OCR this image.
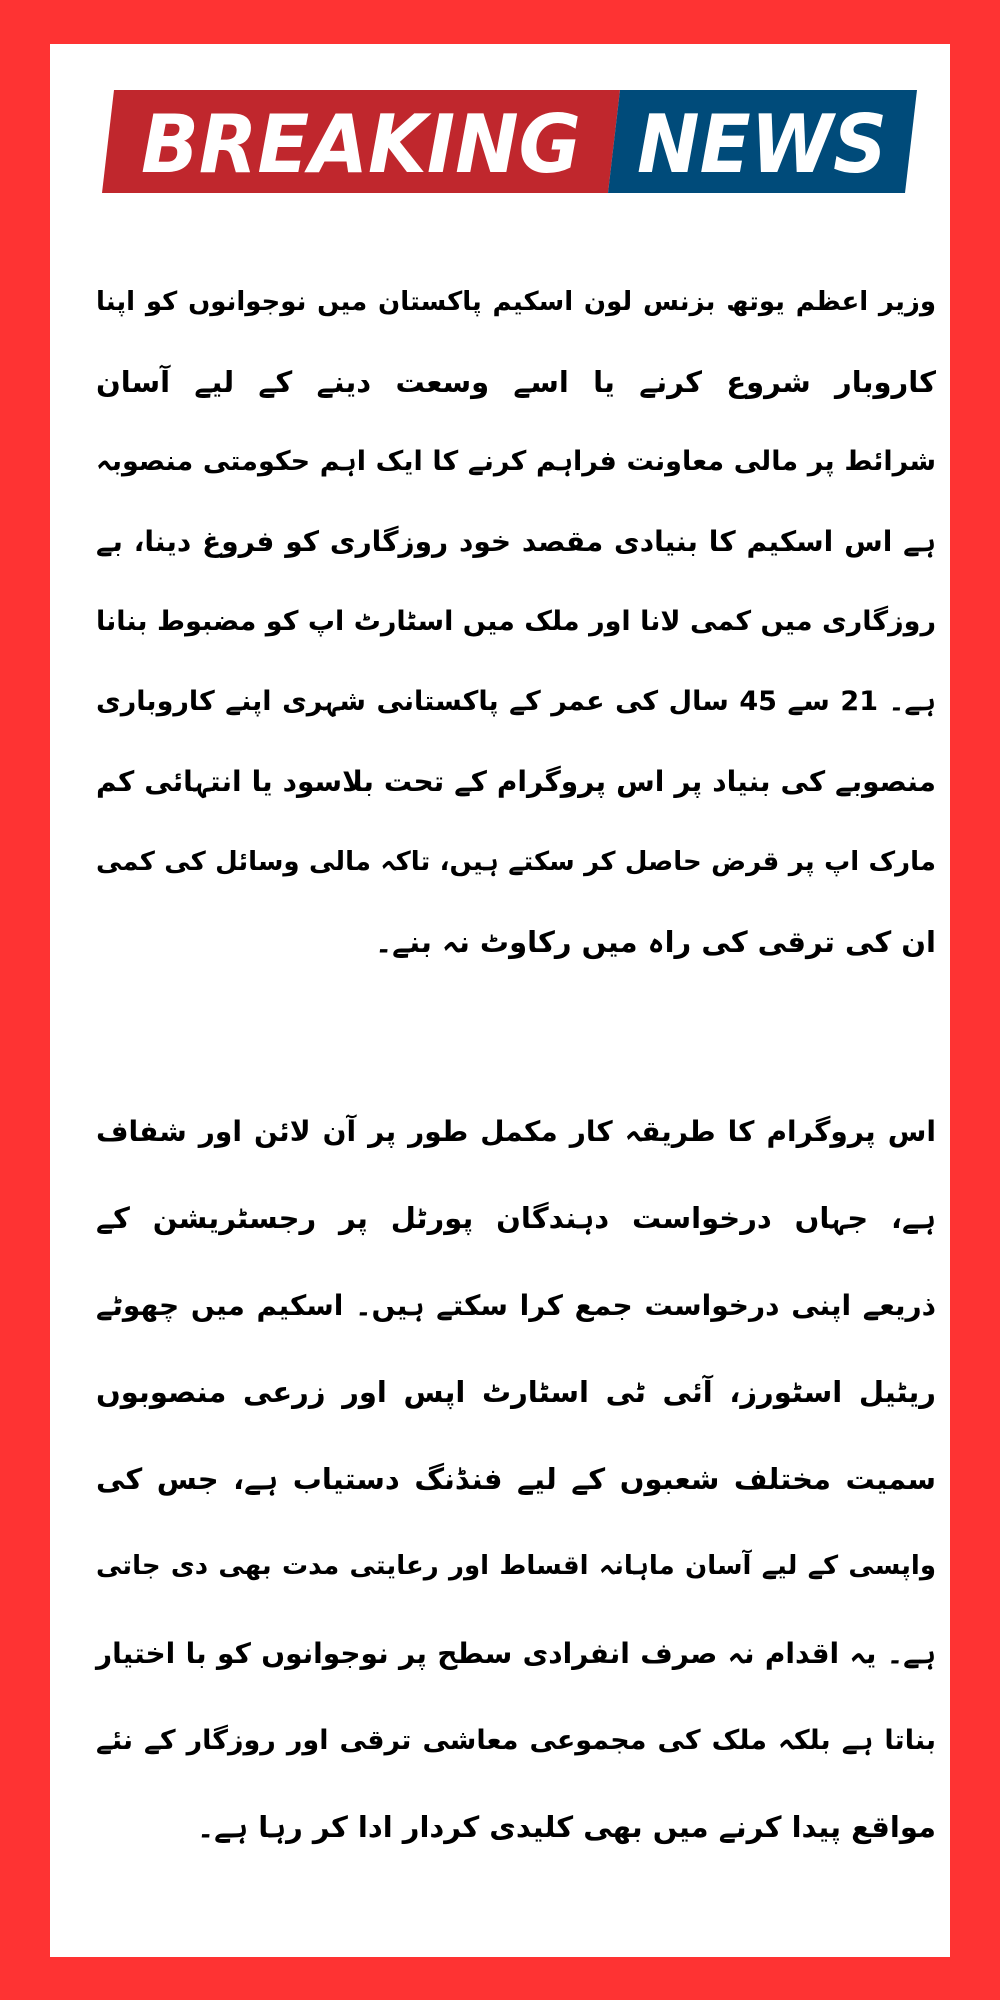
BREAKING NEWS
وزیر اعظم یوتھ بزنس لون اسکیم پاکستان میں نوجوانوں کو اپنا
کاروبار شروع کرنے یا اسے وسعت دینے کے لیے آسان
شرائط پر مالی معاونت فراہم کرنے کا ایک اہم حکومتی منصوبہ
ہے اس اسکیم کا بنیادی مقصد خود روزگاری کو فروغ دینا، بے
روزگاری میں کمی لانا اور ملک میں اسٹارٹ اپ کو مضبوط بنانا
ہے۔ 21 سے 45 سال کی عمر کے پاکستانی شہری اپنے کاروباری
منصوبے کی بنیاد پر اس پروگرام کے تحت بلاسود یا انتہائی کم
مارک اپ پر قرض حاصل کر سکتے ہیں، تاکہ مالی وسائل کی کمی
ان کی ترقی کی راہ میں رکاوٹ نہ بنے۔
اس پروگرام کا طریقہ کار مکمل طور پر آن لائن اور شفاف
ہے، جہاں درخواست دہندگان پورٹل پر رجسٹریشن کے
ذریعے اپنی درخواست جمع کرا سکتے ہیں۔ اسکیم میں چھوٹے
ریٹیل اسٹورز، آئی ٹی اسٹارٹ اپس اور زرعی منصوبوں
سمیت مختلف شعبوں کے لیے فنڈنگ دستیاب ہے، جس کی
واپسی کے لیے آسان ماہانہ اقساط اور رعایتی مدت بھی دی جاتی
ہے۔ یہ اقدام نہ صرف انفرادی سطح پر نوجوانوں کو با اختیار
بناتا ہے بلکہ ملک کی مجموعی معاشی ترقی اور روزگار کے نئے
مواقع پیدا کرنے میں بھی کلیدی کردار ادا کر رہا ہے۔
